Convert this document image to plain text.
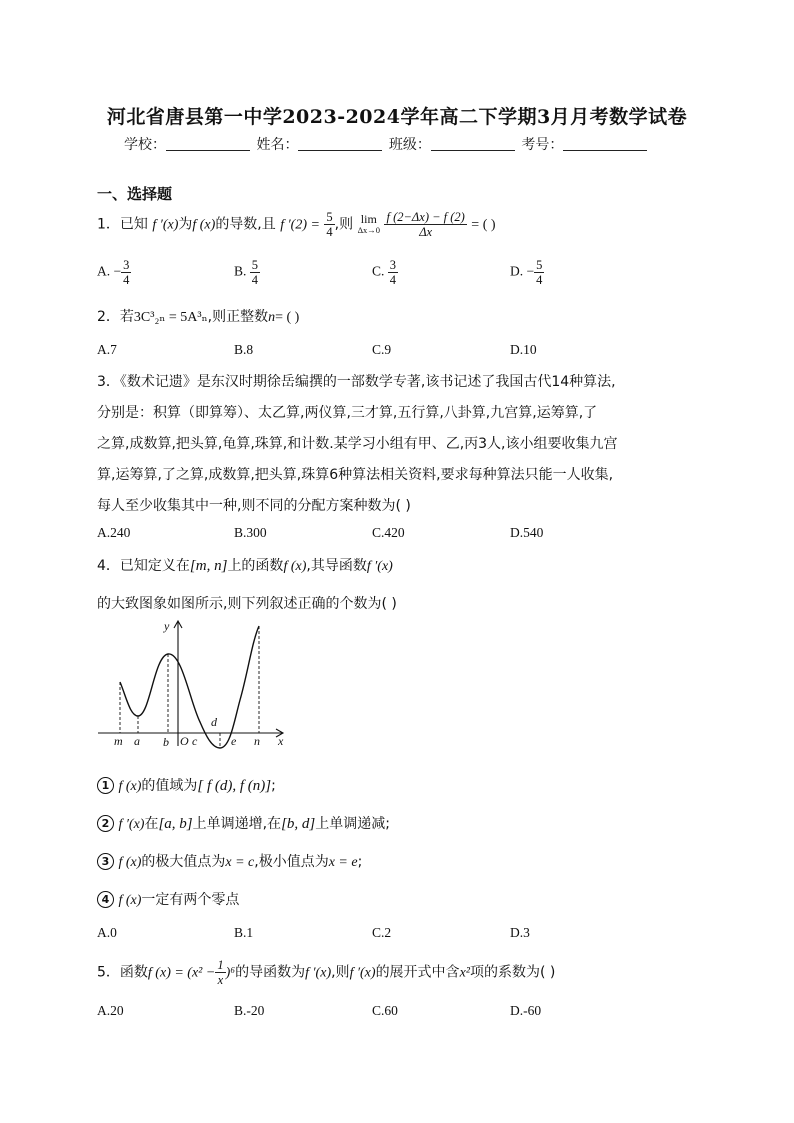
河北省唐县第一中学2023-2024学年高二下学期3月月考数学试卷
学校：	姓名：	班级：	考号：
一、选择题
1．已知 f ′(x)为f (x)的导数,且 f $'(2) = \frac{5}{4}$ ,则 lim
Δx→0
$\frac{f (2-\Delta x) - f (2)}{\Delta x}$ = ( )
A. − $\frac{3}{4}$	B. $\frac{5}{4}$	C. $\frac{3}{4}$	D. − $\frac{5}{4}$
2．若3C³₂ₙ = 5A³ₙ,则正整数n= ( )
A.7	B.8	C.9	D.10
3．《数术记遗》是东汉时期徐岳编撰的一部数学专著,该书记述了我国古代14种算法,
分别是：积算（即算筹）、太乙算,两仪算,三才算,五行算,八卦算,九宫算,运筹算,了
之算,成数算,把头算,龟算,珠算,和计数.某学习小组有甲、乙,丙3人,该小组要收集九宫
算,运筹算,了之算,成数算,把头算,珠算6种算法相关资料,要求每种算法只能一人收集,
每人至少收集其中一种,则不同的分配方案种数为( )
A.240	B.300	C.420	D.540
4．已知定义在[m, n]上的函数f (x),其导函数f ′(x)
的大致图象如图所示,则下列叙述正确的个数为( )
y
x
m a b O c
d
e n
1 f (x)的值域为[ f (d), f (n)];
2 f ′(x)在[a, b]上单调递增,在[b, d]上单调递减;
3 f (x)的极大值点为x = c,极小值点为x = e;
4 f (x)一定有两个零点
A.0	B.1	C.2	D.3
5．函数f $(x) = (x^2 - \frac{1}{x} )^6$的导函数为f ′(x),则f ′(x)的展开式中含x²项的系数为( )
A.20	B.-20	C.60	D.-60
